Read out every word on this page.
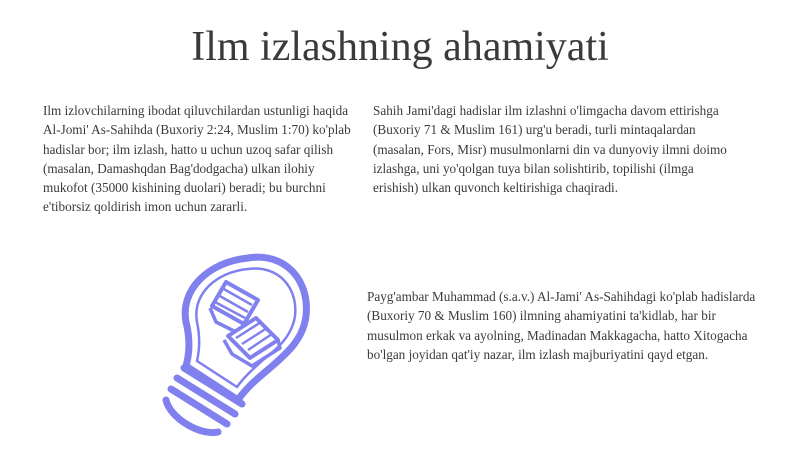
Ilm izlashning ahamiyati

Ilm izlovchilarning ibodat qiluvchilardan ustunligi haqida Al-Jomi' As-Sahihda (Buxoriy 2:24, Muslim 1:70) ko'plab hadislar bor; ilm izlash, hatto u uchun uzoq safar qilish (masalan, Damashqdan Bag'dodgacha) ulkan ilohiy mukofot (35000 kishining duolari) beradi; bu burchni e'tiborsiz qoldirish imon uchun zararli.

Sahih Jami'dagi hadislar ilm izlashni o'limgacha davom ettirishga (Buxoriy 71 & Muslim 161) urg'u beradi, turli mintaqalardan (masalan, Fors, Misr) musulmonlarni din va dunyoviy ilmni doimo izlashga, uni yo'qolgan tuya bilan solishtirib, topilishi (ilmga erishish) ulkan quvonch keltirishiga chaqiradi.

Payg'ambar Muhammad (s.a.v.) Al-Jami' As-Sahihdagi ko'plab hadislarda (Buxoriy 70 & Muslim 160) ilmning ahamiyatini ta'kidlab, har bir musulmon erkak va ayolning, Madinadan Makkagacha, hatto Xitogacha bo'lgan joyidan qat'iy nazar, ilm izlash majburiyatini qayd etgan.
